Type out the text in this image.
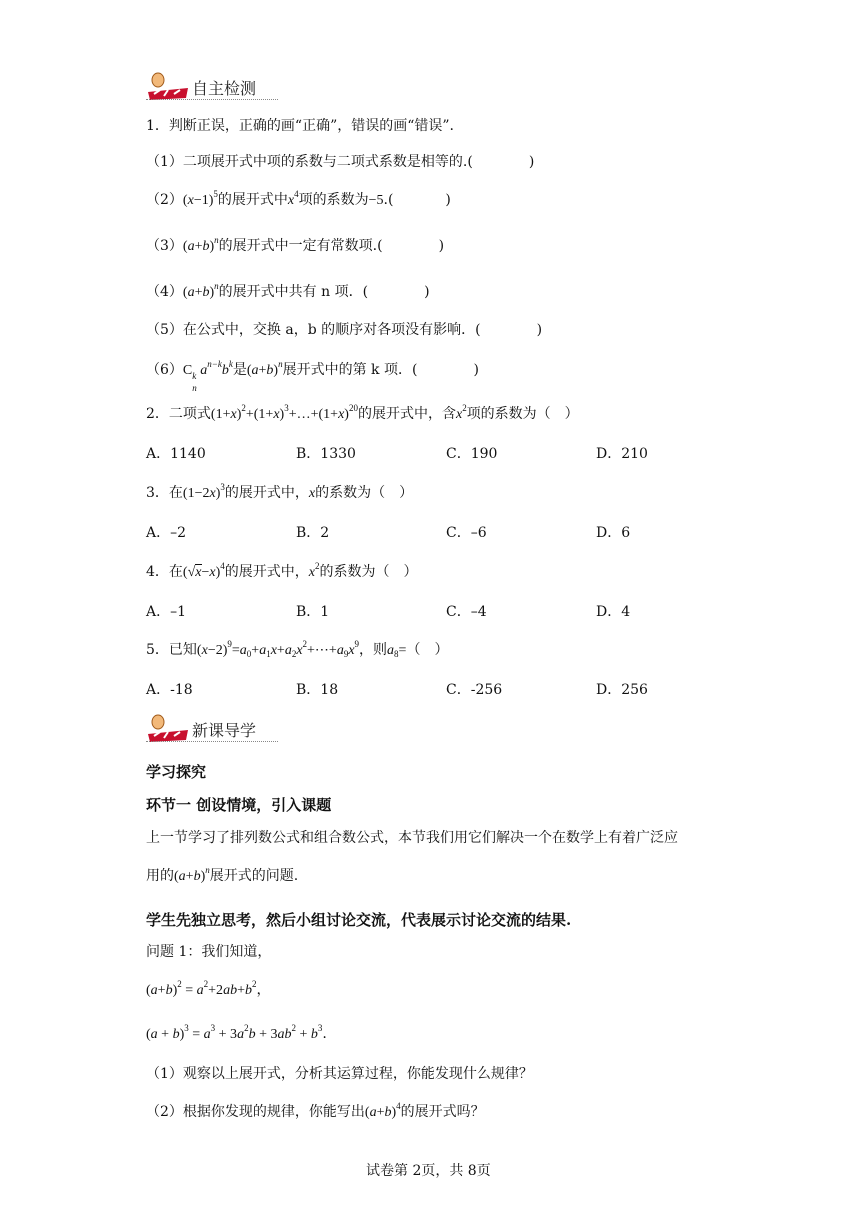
自主检测
1．判断正误，正确的画“正确”，错误的画“错误”.
（1）二项展开式中项的系数与二项式系数是相等的.(	)
$(2)(x-1)^5$的展开式中$x^4$项的系数为−5.(	)
$(3)(a+b)^n$的展开式中一定有常数项.(	)
$(4)(a+b)^n$的展开式中共有 n 项．(	)
（5）在公式中，交换 a，b 的顺序对各项没有影响．(	)
（6）C k
n
$a^{n-k}b^k$是$(a+b)^n$展开式中的第 k 项．(	)
2．二项式$(1+x)^2+(1+x)^3+\dots+(1+x)^{20}$的展开式中，含$x^2$项的系数为（　）
A．1140	B．1330	C．190	D．210
3．在$(1-2x)^3$的展开式中，x的系数为（　）
A．–2	B．2	C．–6	D．6
4．在$(√x-x)^4$的展开式中，$x^2$的系数为（　）
A．–1	B．1	C．–4	D．4
5．已知$(x-2)^9=a_0+a_1x+a_2x^2+\cdots+a_9x^9$，则$a_8=$（　）
A．-18	B．18	C．-256	D．256
新课导学
学习探究
环节一 创设情境，引入课题
上一节学习了排列数公式和组合数公式，本节我们用它们解决一个在数学上有着广泛应
用的$(a+b)^n$展开式的问题.
学生先独立思考，然后小组讨论交流，代表展示讨论交流的结果.
问题 1：我们知道，
$(a+b)^2 = a^2+2ab+b^2$，
$(a + b)^3 = a^3 + 3a^2b + 3ab^2 + b^3$.
（1）观察以上展开式，分析其运算过程，你能发现什么规律？
（2）根据你发现的规律，你能写出$(a+b)^4$的展开式吗？
试卷第 2页，共 8页
